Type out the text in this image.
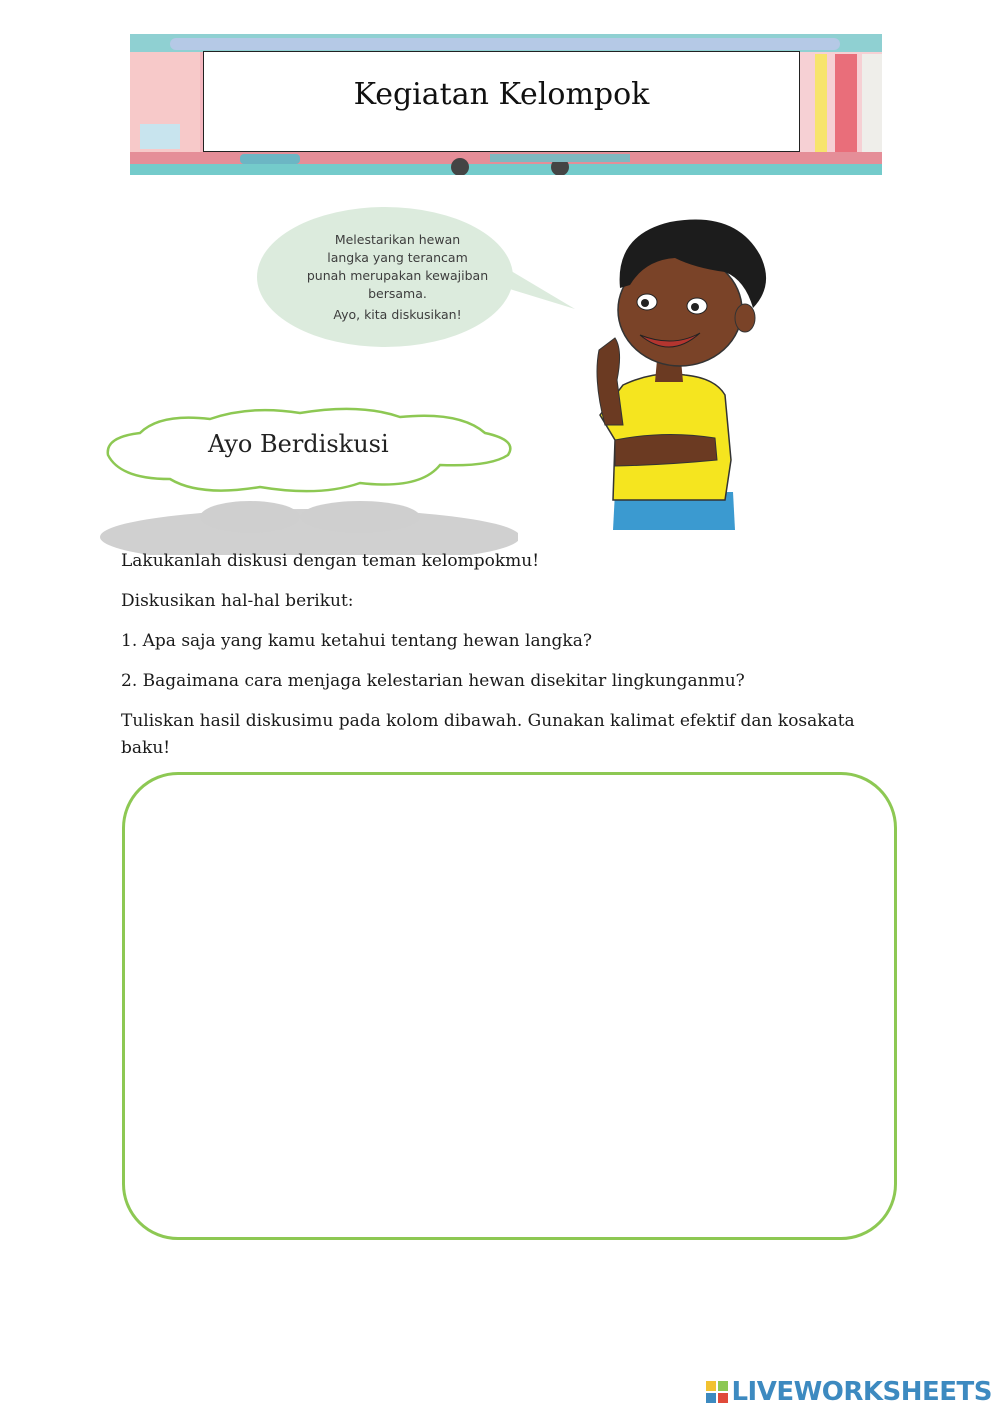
Kegiatan Kelompok
Melestarikan hewan
langka yang terancam
punah merupakan kewajiban
bersama.
Ayo, kita diskusikan!
Ayo Berdiskusi

Lakukanlah diskusi dengan teman kelompokmu!

Diskusikan hal-hal berikut:

1. Apa saja yang kamu ketahui tentang hewan langka?

2. Bagaimana cara menjaga kelestarian hewan disekitar lingkunganmu?

Tuliskan hasil diskusimu pada kolom dibawah. Gunakan kalimat efektif dan kosakata baku!

LIVEWORKSHEETS
